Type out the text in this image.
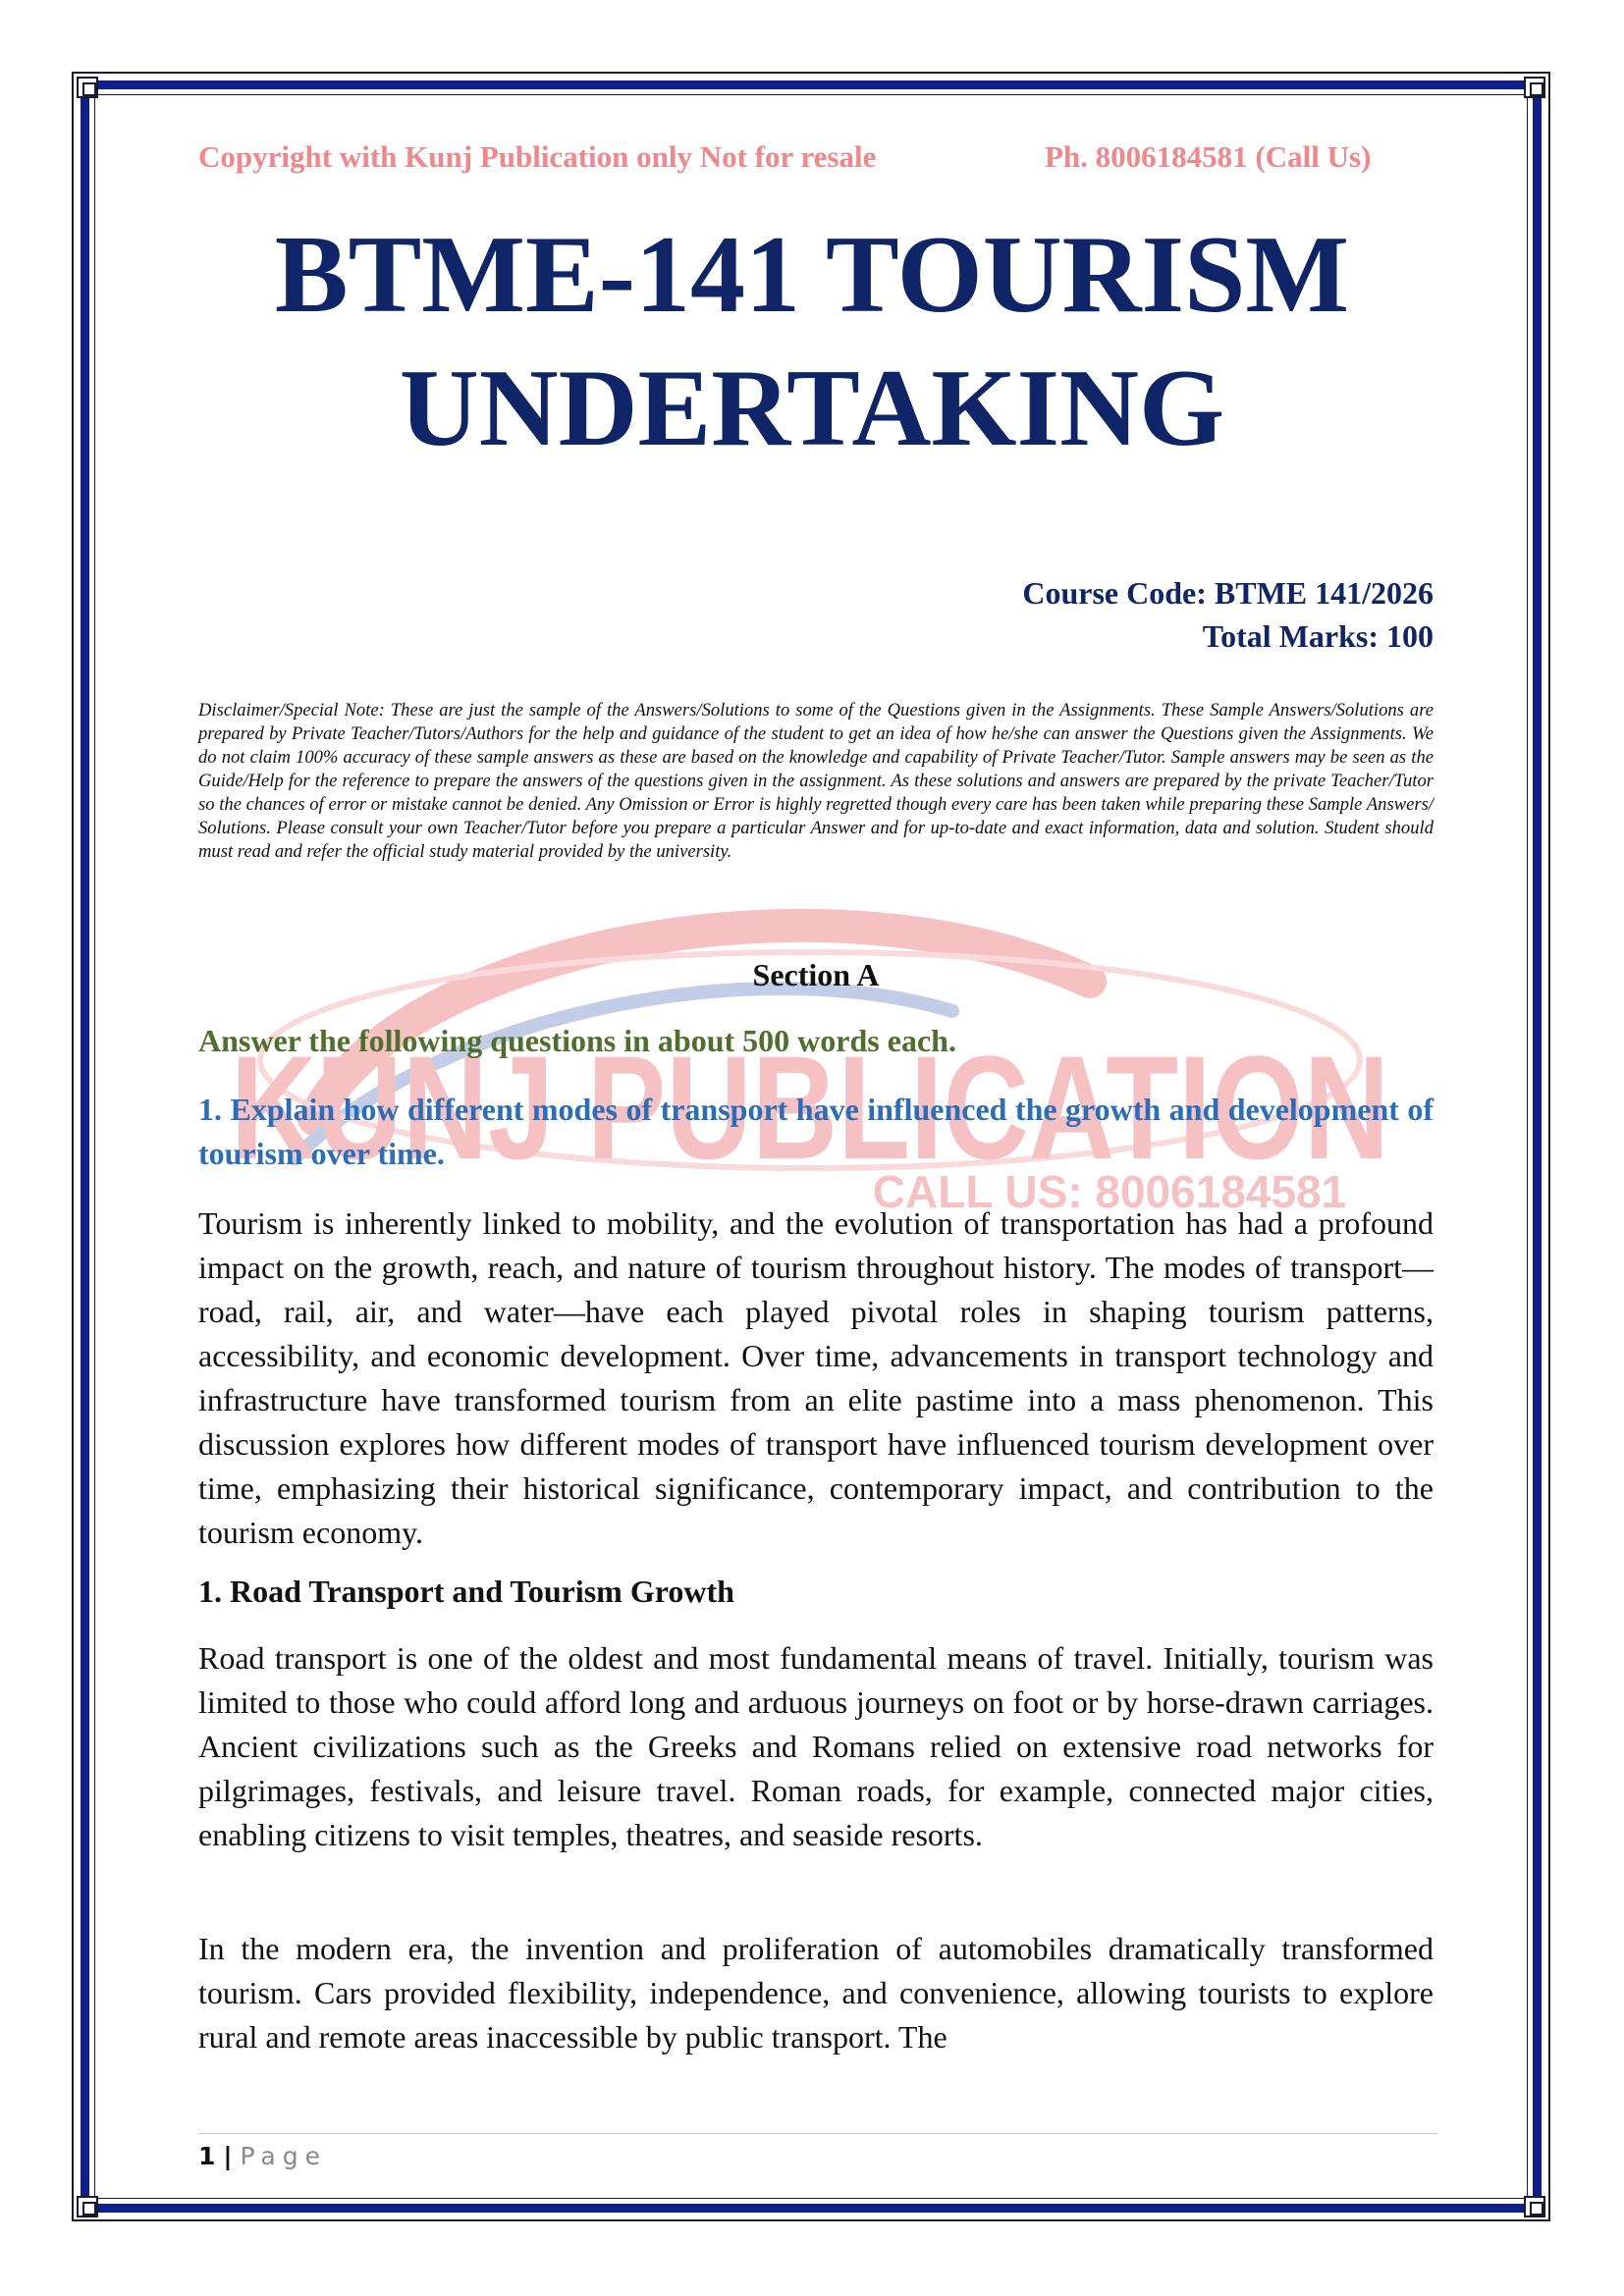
KUNJ PUBLICATION
CALL US: 8006184581
Copyright with Kunj Publication only Not for resale	Ph. 8006184581 (Call Us)
BTME-141 TOURISM
UNDERTAKING
Course Code: BTME 141/2026
Total Marks: 100
Disclaimer/Special Note: These are just the sample of the Answers/Solutions to some of the Questions given in the Assignments. These Sample Answers/Solutions are prepared by Private Teacher/Tutors/Authors for the help and guidance of the student to get an idea of how he/she can answer the Questions given the Assignments. We do not claim 100% accuracy of these sample answers as these are based on the knowledge and capability of Private Teacher/Tutor. Sample answers may be seen as the Guide/Help for the reference to prepare the answers of the questions given in the assignment. As these solutions and answers are prepared by the private Teacher/Tutor so the chances of error or mistake cannot be denied. Any Omission or Error is highly regretted though every care has been taken while preparing these Sample Answers/ Solutions. Please consult your own Teacher/Tutor before you prepare a particular Answer and for up-to-date and exact information, data and solution. Student should must read and refer the official study material provided by the university.
Section A
Answer the following questions in about 500 words each.
1. Explain how different modes of transport have influenced the growth and development of tourism over time.
Tourism is inherently linked to mobility, and the evolution of transportation has had a profound impact on the growth, reach, and nature of tourism throughout history. The modes of transport—road, rail, air, and water—have each played pivotal roles in shaping tourism patterns, accessibility, and economic development. Over time, advancements in transport technology and infrastructure have transformed tourism from an elite pastime into a mass phenomenon. This discussion explores how different modes of transport have influenced tourism development over time, emphasizing their historical significance, contemporary impact, and contribution to the tourism economy.
1. Road Transport and Tourism Growth
Road transport is one of the oldest and most fundamental means of travel. Initially, tourism was limited to those who could afford long and arduous journeys on foot or by horse-drawn carriages. Ancient civilizations such as the Greeks and Romans relied on extensive road networks for pilgrimages, festivals, and leisure travel. Roman roads, for example, connected major cities, enabling citizens to visit temples, theatres, and seaside resorts.
In the modern era, the invention and proliferation of automobiles dramatically transformed tourism. Cars provided flexibility, independence, and convenience, allowing tourists to explore rural and remote areas inaccessible by public transport. The
1 | Page
